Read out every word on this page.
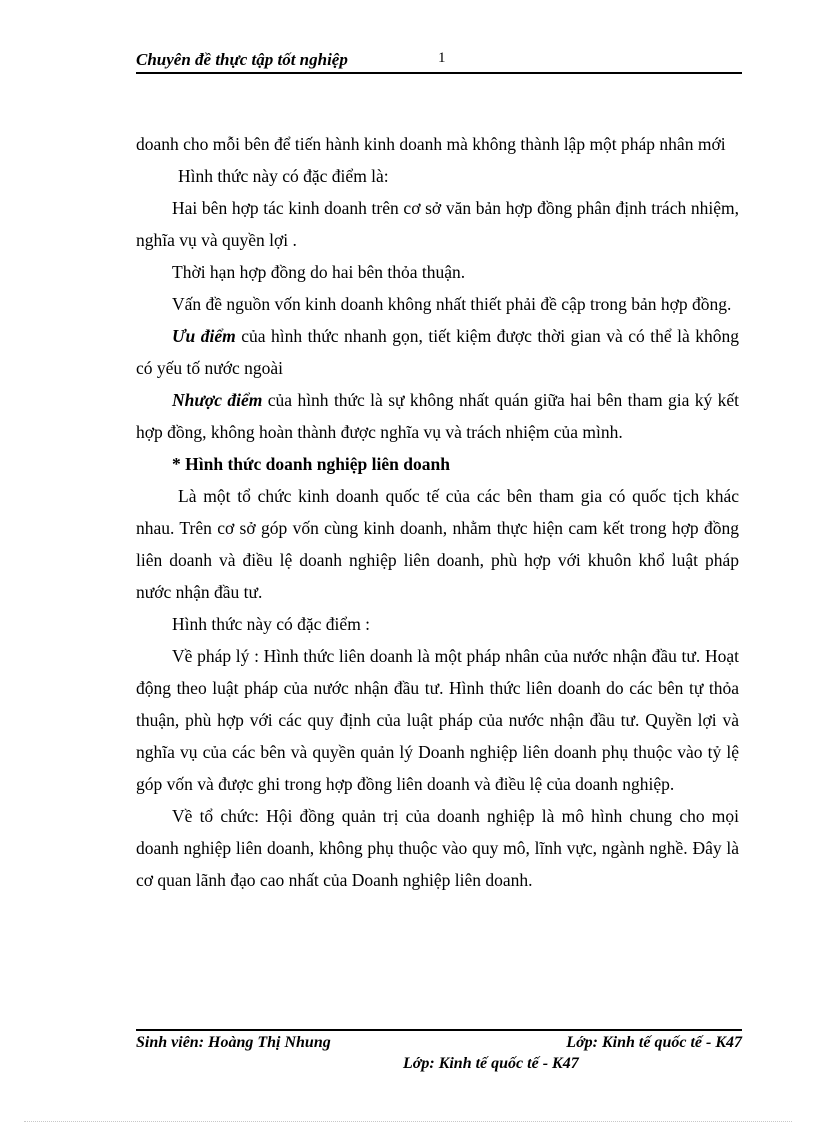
Chuyên đề thực tập tốt nghiệp	1

doanh cho mỗi bên để tiến hành kinh doanh mà không thành lập một pháp nhân mới

Hình thức này có đặc điểm là:

Hai bên hợp tác kinh doanh trên cơ sở văn bản hợp đồng phân định trách nhiệm, nghĩa vụ và quyền lợi .

Thời hạn hợp đồng do hai bên thỏa thuận.

Vấn đề nguồn vốn kinh doanh không nhất thiết phải đề cập trong bản hợp đồng.

Ưu điểm của hình thức nhanh gọn, tiết kiệm được thời gian và có thể là không có yếu tố nước ngoài

Nhược điểm của hình thức là sự không nhất quán giữa hai bên tham gia ký kết hợp đồng, không hoàn thành được nghĩa vụ và trách nhiệm của mình.

* Hình thức doanh nghiệp liên doanh

Là một tổ chức kinh doanh quốc tế của các bên tham gia có quốc tịch khác nhau. Trên cơ sở góp vốn cùng kinh doanh, nhằm thực hiện cam kết trong hợp đồng liên doanh và điều lệ doanh nghiệp liên doanh, phù hợp với khuôn khổ luật pháp nước nhận đầu tư.

Hình thức này có đặc điểm :

Về pháp lý : Hình thức liên doanh là một pháp nhân của nước nhận đầu tư. Hoạt động theo luật pháp của nước nhận đầu tư. Hình thức liên doanh do các bên tự thỏa thuận, phù hợp với các quy định của luật pháp của nước nhận đầu tư. Quyền lợi và nghĩa vụ của các bên và quyền quản lý Doanh nghiệp liên doanh phụ thuộc vào tỷ lệ góp vốn và được ghi trong hợp đồng liên doanh và điều lệ của doanh nghiệp.

Về tổ chức: Hội đồng quản trị của doanh nghiệp là mô hình chung cho mọi doanh nghiệp liên doanh, không phụ thuộc vào quy mô, lĩnh vực, ngành nghề. Đây là cơ quan lãnh đạo cao nhất của Doanh nghiệp liên doanh.

Sinh viên: Hoàng Thị Nhung	Lớp: Kinh tế quốc tế - K47
Lớp: Kinh tế quốc tế - K47
